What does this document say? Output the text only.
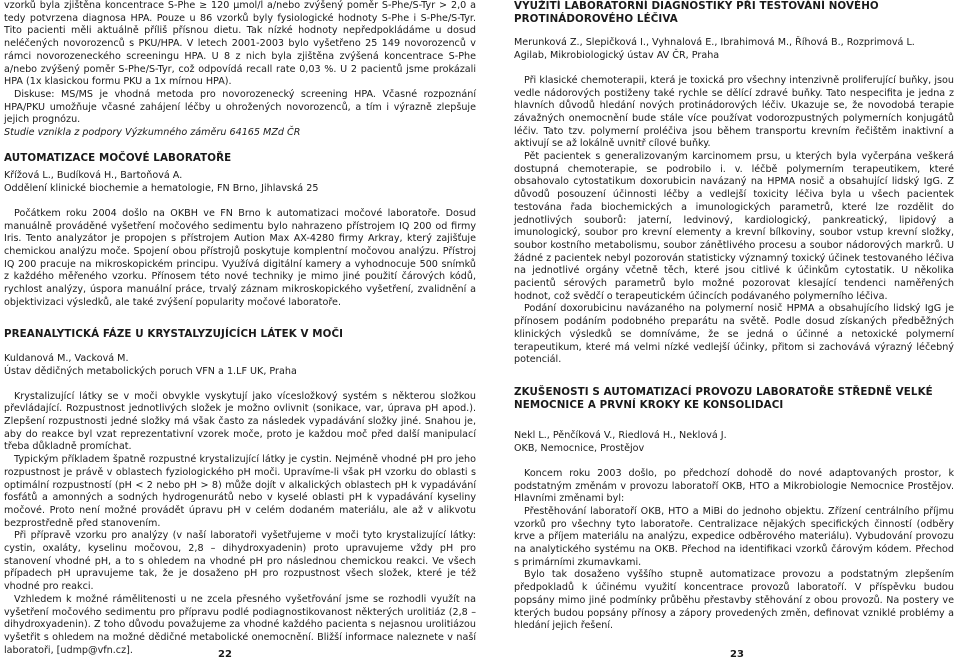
vzorků byla zjištěna koncentrace S-Phe ≥ 120 μmol/l a/nebo zvýšený poměr S-Phe/S-Tyr > 2,0 a tedy potvrzena diagnosa HPA. Pouze u 86 vzorků byly fysiologické hodnoty S-Phe i S-Phe/S-Tyr. Tito pacienti měli aktuálně příliš přísnou dietu. Tak nízké hodnoty nepředpokládáme u dosud neléčených novorozenců s PKU/HPA. V letech 2001-2003 bylo vyšetřeno 25 149 novorozenců v rámci novorozeneckého screeningu HPA. U 8 z nich byla zjištěna zvýšená koncentrace S-Phe a/nebo zvýšený poměr S-Phe/S-Tyr, což odpovídá recall rate 0,03 %. U 2 pacientů jsme prokázali HPA (1x klasickou formu PKU a 1x mírnou HPA).

Diskuse: MS/MS je vhodná metoda pro novorozenecký screening HPA. Včasné rozpoznání HPA/PKU umožňuje včasné zahájení léčby u ohrožených novorozenců, a tím i výrazně zlepšuje jejich prognózu.

Studie vznikla z podpory Výzkumného záměru 64165 MZd ČR

AUTOMATIZACE MOČOVÉ LABORATOŘE

Křížová L., Budíková H., Bartoňová A.

Oddělení klinické biochemie a hematologie, FN Brno, Jihlavská 25

Počátkem roku 2004 došlo na OKBH ve FN Brno k automatizaci močové laboratoře. Dosud manuálně prováděné vyšetření močového sedimentu bylo nahrazeno přístrojem IQ 200 od firmy Iris. Tento analyzátor je propojen s přístrojem Aution Max AX-4280 firmy Arkray, který zajišťuje chemickou analýzu moče. Spojení obou přístrojů poskytuje komplentní močovou analýzu. Přístroj IQ 200 pracuje na mikroskopickém principu. Využívá digitální kamery a vyhodnocuje 500 snímků z každého měřeného vzorku. Přínosem této nové techniky je mimo jiné použití čárových kódů, rychlost analýzy, úspora manuální práce, trvalý záznam mikroskopického vyšetření, zvalidnění a objektivizaci výsledků, ale také zvýšení popularity močové laboratoře.

PREANALYTICKÁ FÁZE U KRYSTALYZUJÍCÍCH LÁTEK V MOČI

Kuldanová M., Vacková M.

Ústav dědičných metabolických poruch VFN a 1.LF UK, Praha

Krystalizující látky se v moči obvykle vyskytují jako vícesložkový systém s některou složkou převládající. Rozpustnost jednotlivých složek je možno ovlivnit (sonikace, var, úprava pH apod.). Zlepšení rozpustnosti jedné složky má však často za následek vypadávání složky jiné. Snahou je, aby do reakce byl vzat reprezentativní vzorek moče, proto je každou moč před další manipulací třeba důkladně promíchat.

Typickým příkladem špatně rozpustné krystalizující látky je cystin. Nejméně vhodné pH pro jeho rozpustnost je právě v oblastech fyziologického pH moči. Upravíme-li však pH vzorku do oblasti s optimální rozpustností (pH < 2 nebo pH > 8) může dojít v alkalických oblastech pH k vypadávání fosfátů a amonných a sodných hydrogenurátů nebo v kyselé oblasti pH k vypadávání kyseliny močové. Proto není možné provádět úpravu pH v celém dodaném materiálu, ale až v alikvotu bezprostředně před stanovením.

Při přípravě vzorku pro analýzy (v naší laboratoři vyšetřujeme v moči tyto krystalizující látky: cystin, oxaláty, kyselinu močovou, 2,8 – dihydroxyadenin) proto upravujeme vždy pH pro stanovení vhodné pH, a to s ohledem na vhodné pH pro následnou chemickou reakci. Ve všech případech pH upravujeme tak, že je dosaženo pH pro rozpustnost všech složek, které je též vhodné pro reakci.

Vzhledem k možné rámělitenosti u ne zcela přesného vyšetřování jsme se rozhodli využít na vyšetření močového sedimentu pro přípravu podlé podiagnostikovanost některých urolitiáz (2,8 – dihydroxyadenin). Z toho důvodu považujeme za vhodné každého pacienta s nejasnou urolitiázou vyšetřit s ohledem na možné dědičné metabolické onemocnění. Bližší informace naleznete v naší laboratoři, [udmp@vfn.cz].	22
VYUŽITÍ LABORATORNÍ DIAGNOSTIKY PŘI TESTOVÁNÍ NOVÉHO PROTINÁDOROVÉHO LÉČIVA

Merunková Z., Slepičková I., Vyhnalová E., Ibrahimová M., Říhová B., Rozprimová L.

Agilab, Mikrobiologický ústav AV ČR, Praha

Při klasické chemoterapii, která je toxická pro všechny intenzivně proliferující buňky, jsou vedle nádorových postiženy také rychle se dělící zdravé buňky. Tato nespecifita je jedna z hlavních důvodů hledání nových protinádorových léčiv. Ukazuje se, že novodobá terapie závažných onemocnění bude stále více používat vodorozpustných polymerních konjugátů léčiv. Tato tzv. polymerní proléčiva jsou během transportu krevním řečištěm inaktivní a aktivují se až lokálně uvnitř cílové buňky.

Pět pacientek s generalizovaným karcinomem prsu, u kterých byla vyčerpána veškerá dostupná chemoterapie, se podrobilo i. v. léčbě polymerním terapeutikem, které obsahovalo cytostatikum doxorubicin navázaný na HPMA nosič a obsahující lidský IgG. Z důvodů posouzení účinnosti léčby a vedlejší toxicity léčiva byla u všech pacientek testována řada biochemických a imunologických parametrů, které lze rozdělit do jednotlivých souborů: jaterní, ledvinový, kardiologický, pankreatický, lipidový a imunologický, soubor pro krevní elementy a krevní bílkoviny, soubor vstup krevní složky, soubor kostního metabolismu, soubor zánětlivého procesu a soubor nádorových markrů. U žádné z pacientek nebyl pozorován statisticky významný toxický účinek testovaného léčiva na jednotlivé orgány včetně těch, které jsou citlivé k účinkům cytostatik. U několika pacientů sérových parametrů bylo možné pozorovat klesající tendenci naměřených hodnot, což svědčí o terapeutickém účincích podávaného polymerního léčiva.

Podání doxorubicinu navázaného na polymerní nosič HPMA a obsahujícího lidský IgG je přínosem podáním podobného preparátu na světě. Podle dosud získaných předběžných klinických výsledků se domníváme, že se jedná o účinné a netoxické polymerní terapeutikum, které má velmi nízké vedlejší účinky, přitom si zachovává výrazný léčebný potenciál.

ZKUŠENOSTI S AUTOMATIZACÍ PROVOZU LABORATOŘE STŘEDNĚ VELKÉ NEMOCNICE A PRVNÍ KROKY KE KONSOLIDACI

Nekl L., Pěnčíková V., Riedlová H., Neklová J.

OKB, Nemocnice, Prostějov

Koncem roku 2003 došlo, po předchozí dohodě do nové adaptovaných prostor, k podstatným změnám v provozu laboratoří OKB, HTO a Mikrobiologie Nemocnice Prostějov. Hlavními změnami byl:

Přestěhování laboratoří OKB, HTO a MiBi do jednoho objektu. Zřízení centrálního příjmu vzorků pro všechny tyto laboratoře. Centralizace nějakých specifických činností (odběry krve a příjem materiálu na analýzu, expedice odběrového materiálu). Vybudování provozu na analytického systému na OKB. Přechod na identifikaci vzorků čárovým kódem. Přechod s primárními zkumavkami.

Bylo tak dosaženo vyššího stupně automatizace provozu a podstatným zlepšením předpokladů k účinému využití koncentrace provozů laboratoří. V příspěvku budou popsány mimo jiné podmínky průběhu přestavby stěhování z obou provozů. Na postery ve kterých budou popsány přínosy a zápory provedených změn, definovat vzniklé problémy a hledání jejich řešení.

23
